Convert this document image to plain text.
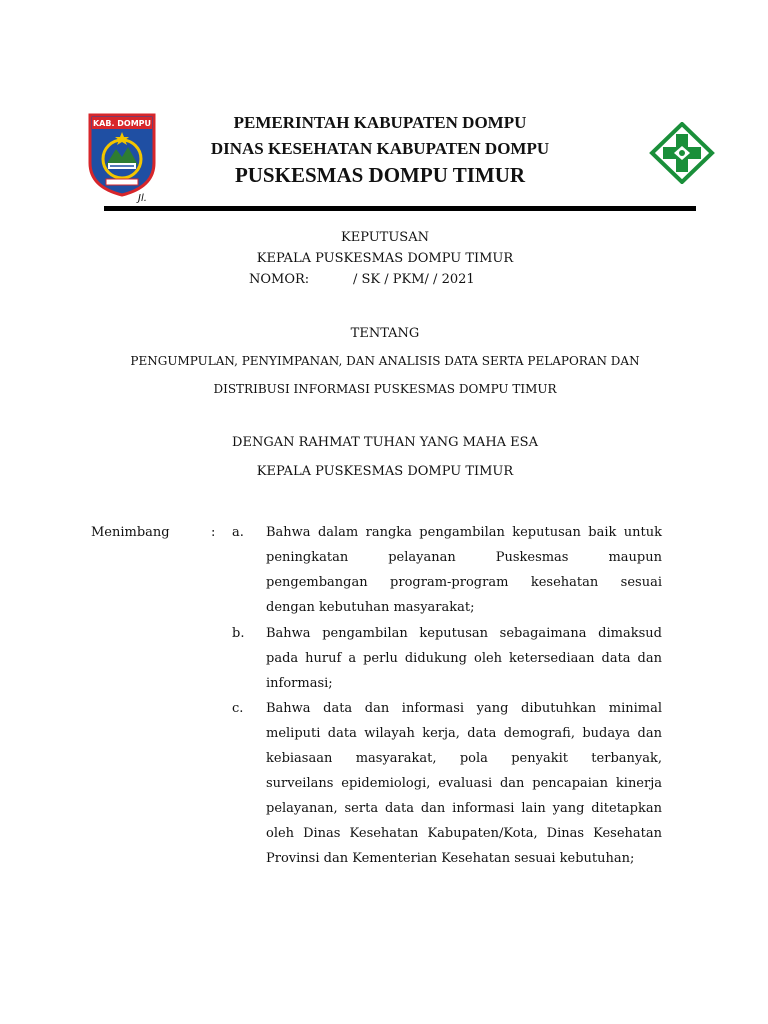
KAB. DOMPU
Jl.
PEMERINTAH KABUPATEN DOMPU
DINAS KESEHATAN KABUPATEN DOMPU
PUSKESMAS DOMPU TIMUR
KEPUTUSAN
KEPALA PUSKESMAS DOMPU TIMUR
NOMOR:	/ SK / PKM/ / 2021
TENTANG
PENGUMPULAN, PENYIMPANAN, DAN ANALISIS DATA SERTA PELAPORAN DAN
DISTRIBUSI INFORMASI PUSKESMAS DOMPU TIMUR
DENGAN RAHMAT TUHAN YANG MAHA ESA
KEPALA PUSKESMAS DOMPU TIMUR
Menimbang	: a. Bahwa dalam rangka pengambilan keputusan baik untuk
peningkatan pelayanan Puskesmas maupun
pengembangan program-program kesehatan sesuai
dengan kebutuhan masyarakat;
b. Bahwa pengambilan keputusan sebagaimana dimaksud
pada huruf a perlu didukung oleh ketersediaan data dan
informasi;
c. Bahwa data dan informasi yang dibutuhkan minimal
meliputi data wilayah kerja, data demografi, budaya dan
kebiasaan masyarakat, pola penyakit terbanyak,
surveilans epidemiologi, evaluasi dan pencapaian kinerja
pelayanan, serta data dan informasi lain yang ditetapkan
oleh Dinas Kesehatan Kabupaten/Kota, Dinas Kesehatan
Provinsi dan Kementerian Kesehatan sesuai kebutuhan;
